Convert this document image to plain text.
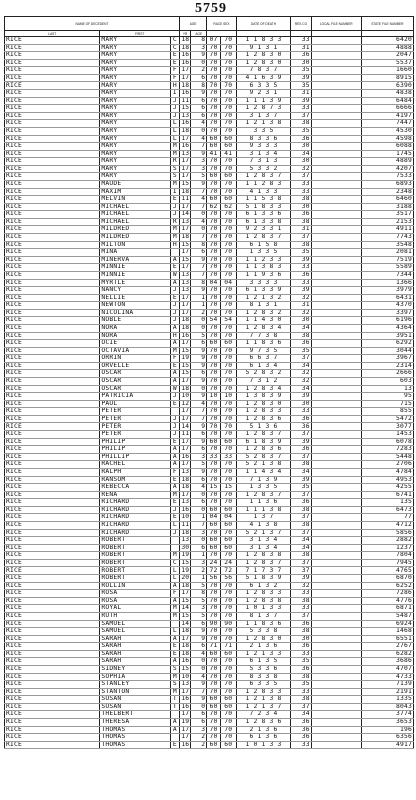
5759
NAME OF DECEDENT			AGE		RACE SEX		DATE OF DEATH	RES CO	LOCAL FILE NUMBER	STATE FILE NUMBER
LAST	FIRST		YR	AGE						
RICE	MARY	C	18	8	07	70	1 1 8 3 3	33		6420
RICE	MARY	C	18	3	70	70	9 1 3 1	31		4888
RICE	MARY	E	16	9	70	70	1 2 8 3 0	36		2047
RICE	MARY	E	16	0	70	70	1 2 8 3 0	30		5537
RICE	MARY	F	17	2	70	70	7 8 3 7	35		1660
RICE	MARY	F	17	6	70	70	4 1 6 3 9	39		8915
RICE	MARY	H	18	8	70	70	6 3 3 5	35		6390
RICE	MARY	I	16	9	70	70	9 2 3 1	31		4838
RICE	MARY	J	11	6	70	70	1 1 1 3 9	39		6484
RICE	MARY	J	15	6	70	70	1 2 8 7 3	33		6666
RICE	MARY	J	13	6	70	70	3 1 3 7	37		4197
RICE	MARY	L	16	4	70	70	1 2 1 3 8	38		7447
RICE	MARY	L	18	0	70	70	3 3 5	35		4530
RICE	MARY	L	17	4	60	60	8 3 3 6	36		4598
RICE	MARY	M	16	7	60	60	9 3 3 3	30		6088
RICE	MARY	M	13	9	41	41	3 1 3 4	34		1745
RICE	MARY	R	17	3	70	70	7 3 1 3	30		4889
RICE	MARY	S	17	3	70	70	5 3 3 2	32		4207
RICE	MARY	S	17	5	60	60	1 2 8 3 7	37		7533
RICE	MAUDE	M	15	9	70	70	1 1 2 8 3	33		6893
RICE	MAXIM	I	18	7	70	70	4 1 3 3	33		2348
RICE	MELVIN	E	11	4	60	60	1 1 5 3 8	38		6460
RICE	MICHAEL	J	17	7	62	62	5 1 8 3 3	30		3188
RICE	MICHAEL	J	14	0	70	70	6 1 3 3 6	36		3517
RICE	MICHAEL	R	13	4	70	70	6 1 3 3 8	38		2153
RICE	MILDRED	M	17	0	70	70	9 2 3 3 1	31		4911
RICE	MILDRED	M	18	7	70	70	1 2 8 3 7	37		7743
RICE	MILTON	H	15	8	70	70	6 1 5 8	38		3548
RICE	MINA		17	6	70	70	1 3 3 5	35		2081
RICE	MINERVA	A	15	9	70	70	1 1 2 3 3	39		7519
RICE	MINNIE	E	17	7	70	70	1 1 3 8 3	33		5589
RICE	MINNIE	W	13	7	70	70	1 1 9 3 6	36		7344
RICE	MYRTLE	A	13	8	04	04	3 3 3 3	33		1366
RICE	NANCY	J	13	9	70	70	6 1 3 3 9	39		3979
RICE	NELLIE	E	17	1	70	70	1 2 1 3 2	32		6431
RICE	NEWTON	J	17	1	70	70	8 1 3 1	31		4370
RICE	NICOLINA	J	17	2	70	70	1 2 8 3 2	32		3397
RICE	NOBLE	J	18	0	54	54	1 1 4 3 0	30		6196
RICE	NORA	A	18	0	70	70	1 2 8 3 4	34		4364
RICE	NORA	H	16	5	70	70	7 7 3 8	38		3951
RICE	OCIE	A	17	6	60	60	1 1 8 3 6	36		6292
RICE	OCTAVIA	M	15	9	70	70	9 7 3 5	35		3044
RICE	ORRIN	F	19	9	70	70	6 6 3 7	37		3967
RICE	ORVELLE	E	15	9	70	70	6 1 3 4	34		2314
RICE	OSCAR	A	15	6	70	70	5 2 8 3 2	32		2666
RICE	OSCAR	A	17	9	70	70	7 3 1 2	32		603
RICE	OSCAR	W	18	0	70	70	1 2 8 3 4	34		13
RICE	PATRICIA	J	10	9	10	10	1 3 8 3 9	39		95
RICE	PAUL	E	12	4	70	70	1 2 8 3 0	30		715
RICE	PETER		17	7	70	70	1 2 8 3 3	33		855
RICE	PETER	J	17	7	70	70	1 2 8 3 6	36		5472
RICE	PETER	J	14	9	70	70	5 1 3 6	36		3077
RICE	PETER	J	11	6	70	70	1 2 8 3 7	37		1453
RICE	PHILIP	E	17	9	60	60	6 1 8 3 9	39		6078
RICE	PHILIP	A	17	6	70	70	1 2 8 3 6	36		7283
RICE	PHILLIP	A	16	3	33	33	5 2 8 3 7	37		5448
RICE	RACHEL	A	17	5	70	70	5 2 1 3 8	38		2706
RICE	RALPH	F	13	9	70	70	1 1 4 3 4	34		4784
RICE	RANSOM	E	18	6	70	70	7 1 3 9	39		4953
RICE	REBECCA	A	18	4	15	15	1 3 3 5	35		4255
RICE	RENA	M	17	0	70	70	1 2 8 3 7	37		6741
RICE	RICHARD	E	13	6	70	70	1 1 3 6	36		135
RICE	RICHARD	J	16	0	60	60	1 1 1 3 8	38		6473
RICE	RICHARD	E	10	1	04	04	1 3 7	37		77
RICE	RICHARD	L	11	7	60	60	4 1 3 8	38		4712
RICE	RICHARD	J	18	3	70	70	5 2 1 3 7	37		5856
RICE	ROBERT		13	0	60	60	3 1 3 4	34		2882
RICE	ROBERT		30	6	60	60	3 1 3 4	34		1237
RICE	ROBERT	M	19	1	70	70	1 2 8 3 8	38		7804
RICE	ROBERT	C	15	3	24	24	1 2 8 3 7	37		7945
RICE	ROBERT	L	19	2	72	72	7 1 7 3 7	37		4765
RICE	ROBERT	L	20	1	56	56	5 1 8 3 9	39		6870
RICE	ROLLIN	A	18	5	70	70	6 1 3 2	32		6252
RICE	ROSA	F	17	8	70	70	1 2 8 3 3	33		7286
RICE	ROSA	A	15	5	70	70	1 2 8 3 8	38		4776
RICE	ROYAL	M	14	3	70	70	1 0 1 3 3	33		6871
RICE	RUTH	M	15	5	70	70	8 1 3 7	37		5487
RICE	SAMUEL		14	6	90	90	1 1 8 3 6	36		6924
RICE	SAMUEL	L	18	9	70	70	5 3 3 8	38		1468
RICE	SARAH	A	17	9	70	70	1 2 8 3 0	30		6551
RICE	SARAH	E	18	6	71	71	2 1 3 6	36		2767
RICE	SARAH	E	18	4	60	60	1 2 1 3 3	33		6282
RICE	SARAH	A	16	0	70	70	6 1 3 5	35		3686
RICE	SIDNEY	S	15	0	70	70	5 3 3 6	36		4707
RICE	SOPHIA	M	10	4	70	70	8 3 3 8	38		4733
RICE	STANLEY	S	13	9	70	70	6 3 3 5	35		7139
RICE	STANTON	M	17	7	70	70	1 2 8 3 3	33		2191
RICE	SUSAN	T	16	9	60	60	1 2 1 3 8	38		1335
RICE	SUSAN	T	16	0	60	60	1 2 1 3 7	37		8043
RICE	THELBERT		17	6	70	70	7 2 3 4	34		3774
RICE	THERESA	A	19	6	70	70	1 2 8 3 6	36		3653
RICE	THOMAS	A	17	3	70	70	2 1 3 6	36		196
RICE	THOMAS		17	2	70	70	6 1 3 6	36		6356
RICE	THOMAS	E	16	2	60	60	1 0 1 3 3	33		4917
